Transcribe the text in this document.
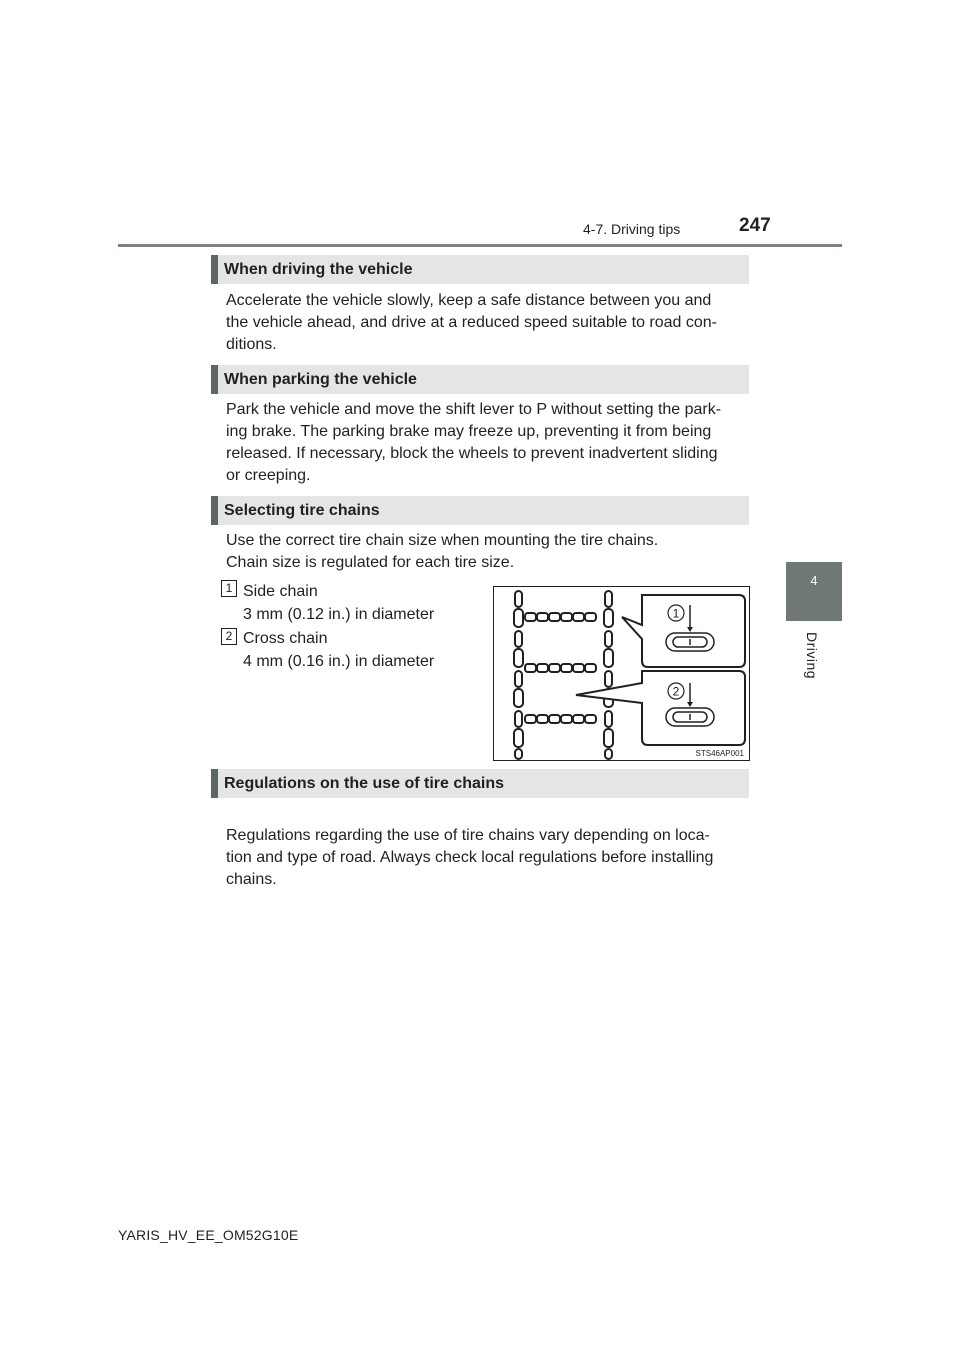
4-7. Driving tips	247
4
Driving
When driving the vehicle

Accelerate the vehicle slowly, keep a safe distance between you and
the vehicle ahead, and drive at a reduced speed suitable to road con-
ditions.

When parking the vehicle

Park the vehicle and move the shift lever to P without setting the park-
ing brake. The parking brake may freeze up, preventing it from being
released. If necessary, block the wheels to prevent inadvertent sliding
or creeping.

Selecting tire chains

Use the correct tire chain size when mounting the tire chains.
Chain size is regulated for each tire size.

1 Side chain
3 mm (0.12 in.) in diameter
2 Cross chain
4 mm (0.16 in.) in diameter
1
2
STS46AP001
Regulations on the use of tire chains

Regulations regarding the use of tire chains vary depending on loca-
tion and type of road. Always check local regulations before installing
chains.

YARIS_HV_EE_OM52G10E
